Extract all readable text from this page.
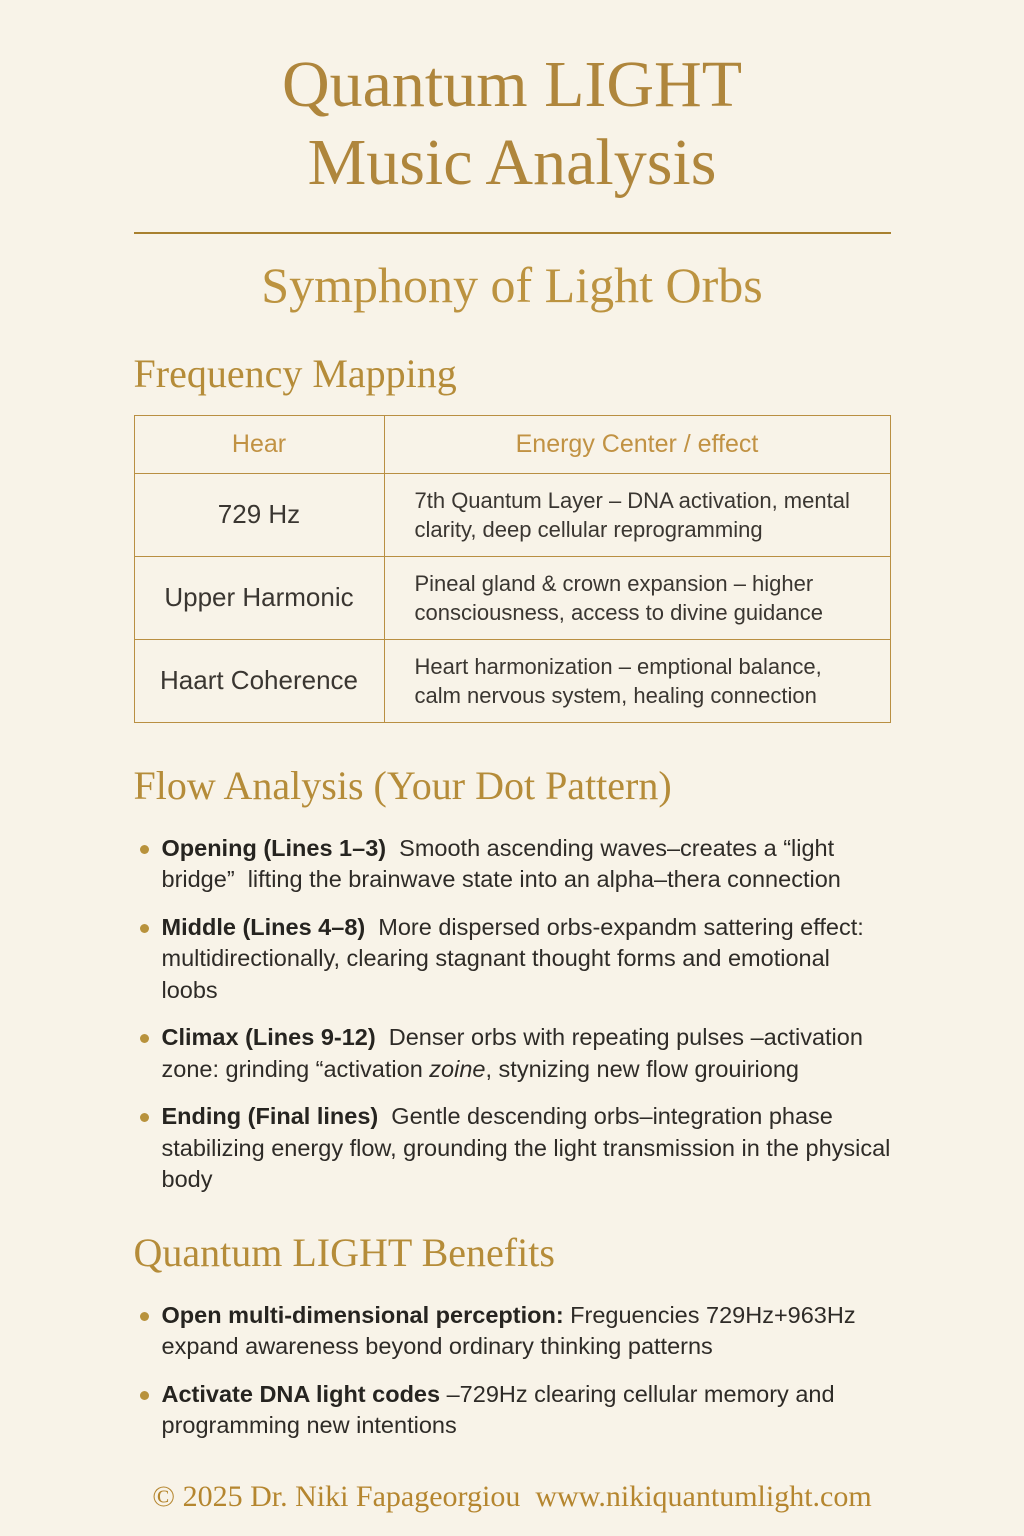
Quantum LIGHT
Music Analysis
Symphony of Light Orbs
Frequency Mapping
Hear	Energy Center / effect
729 Hz	7th Quantum Layer – DNA activation, mental clarity, deep cellular reprogramming
Upper Harmonic	Pineal gland & crown expansion – higher consciousness, access to divine guidance
Haart Coherence	Heart harmonization – emptional balance, calm nervous system, healing connection
Flow Analysis (Your Dot Pattern)
Opening (Lines 1–3)  Smooth ascending waves–creates a “light bridge”  lifting the brainwave state into an alpha–thera connection
Middle (Lines 4–8)  More dispersed orbs-expandm sattering effect: multidirectionally, clearing stagnant thought forms and emotional loobs
Climax (Lines 9-12)  Denser orbs with repeating pulses –activation zone: grinding “activation zoine, stynizing new flow grouiriong
Ending (Final lines)  Gentle descending orbs–integration phase stabilizing energy flow, grounding the light transmission in the physical body
Quantum LIGHT Benefits
Open multi-dimensional perception: Freguencies 729Hz+963Hz expand awareness beyond ordinary thinking patterns
Activate DNA light codes –729Hz clearing cellular memory and programming new intentions
© 2025 Dr. Niki Fapageorgiou  www.nikiquantumlight.com
